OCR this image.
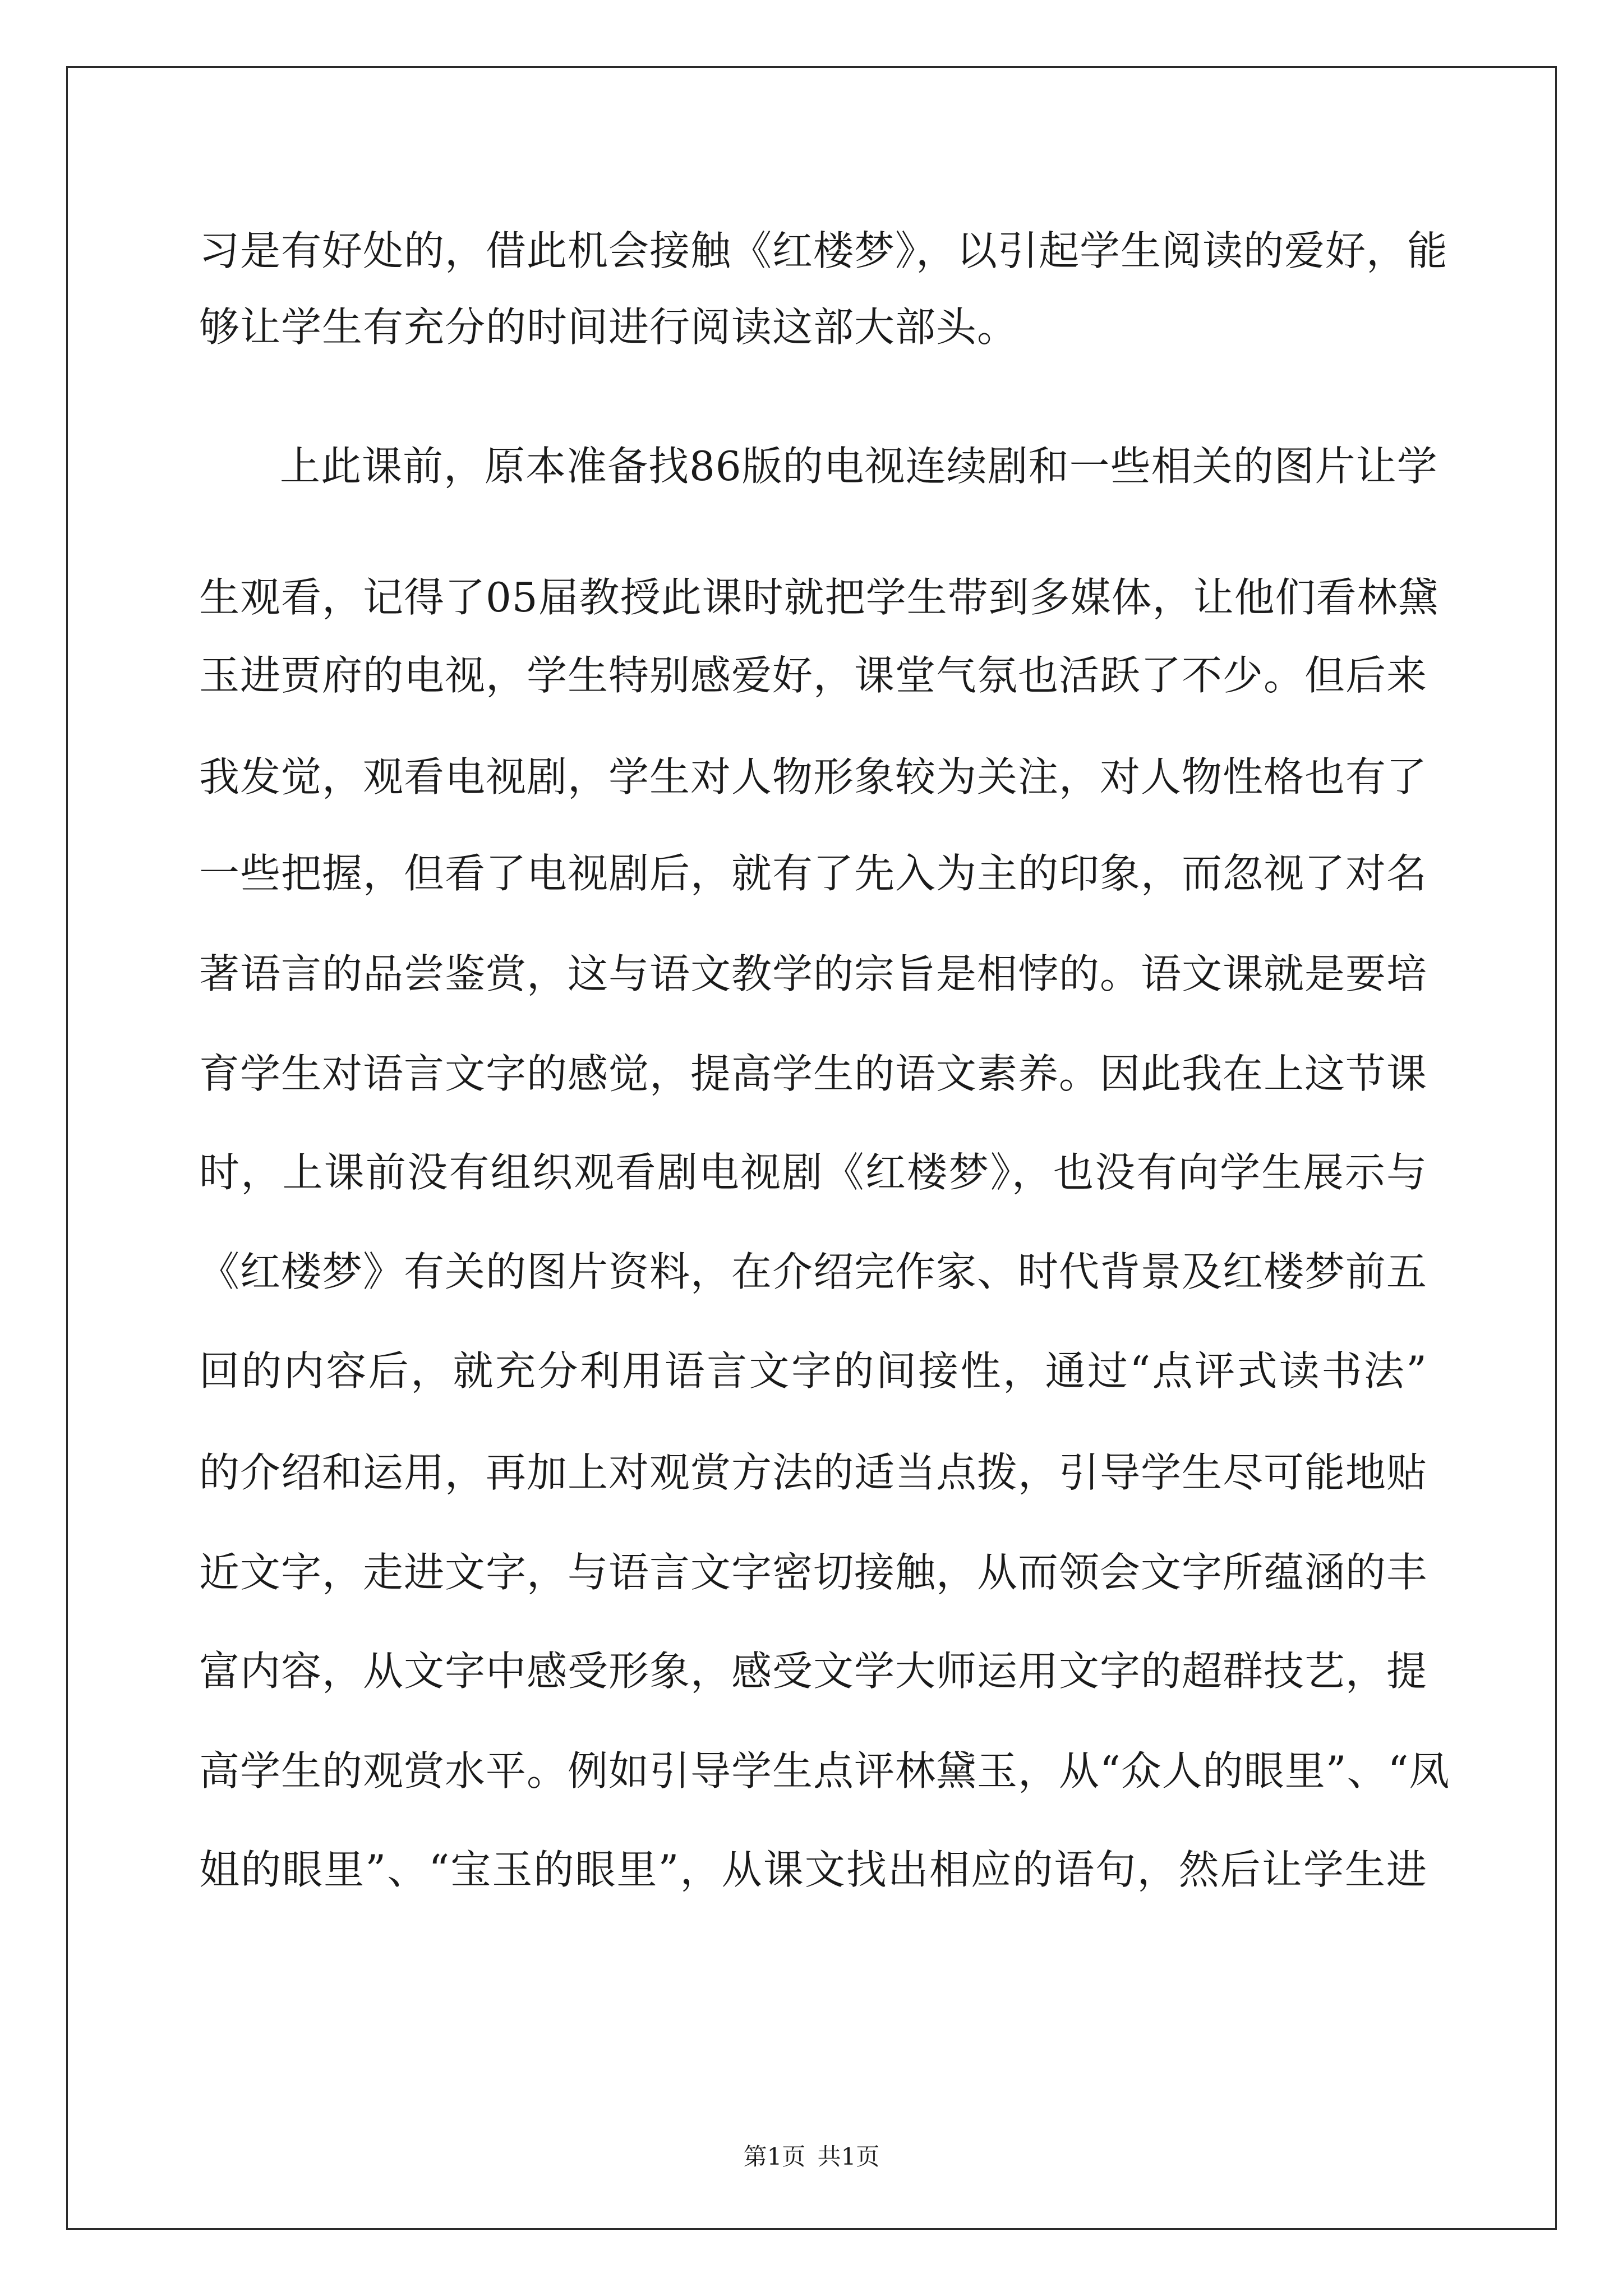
习是有好处的，借此机会接触《红楼梦》，以引起学生阅读的爱好，能
够让学生有充分的时间进行阅读这部大部头。
上此课前，原本准备找86版的电视连续剧和一些相关的图片让学
生观看，记得了05届教授此课时就把学生带到多媒体，让他们看林黛
玉进贾府的电视，学生特别感爱好，课堂气氛也活跃了不少。但后来
我发觉，观看电视剧，学生对人物形象较为关注，对人物性格也有了
一些把握，但看了电视剧后，就有了先入为主的印象，而忽视了对名
著语言的品尝鉴赏，这与语文教学的宗旨是相悖的。语文课就是要培
育学生对语言文字的感觉，提高学生的语文素养。因此我在上这节课
时，上课前没有组织观看剧电视剧《红楼梦》，也没有向学生展示与
《红楼梦》有关的图片资料，在介绍完作家、时代背景及红楼梦前五
回的内容后，就充分利用语言文字的间接性，通过“点评式读书法”
的介绍和运用，再加上对观赏方法的适当点拨，引导学生尽可能地贴
近文字，走进文字，与语言文字密切接触，从而领会文字所蕴涵的丰
富内容，从文字中感受形象，感受文学大师运用文字的超群技艺，提
高学生的观赏水平。例如引导学生点评林黛玉，从“众人的眼里”、“凤
姐的眼里”、“宝玉的眼里”，从课文找出相应的语句，然后让学生进
第1页 共1页
